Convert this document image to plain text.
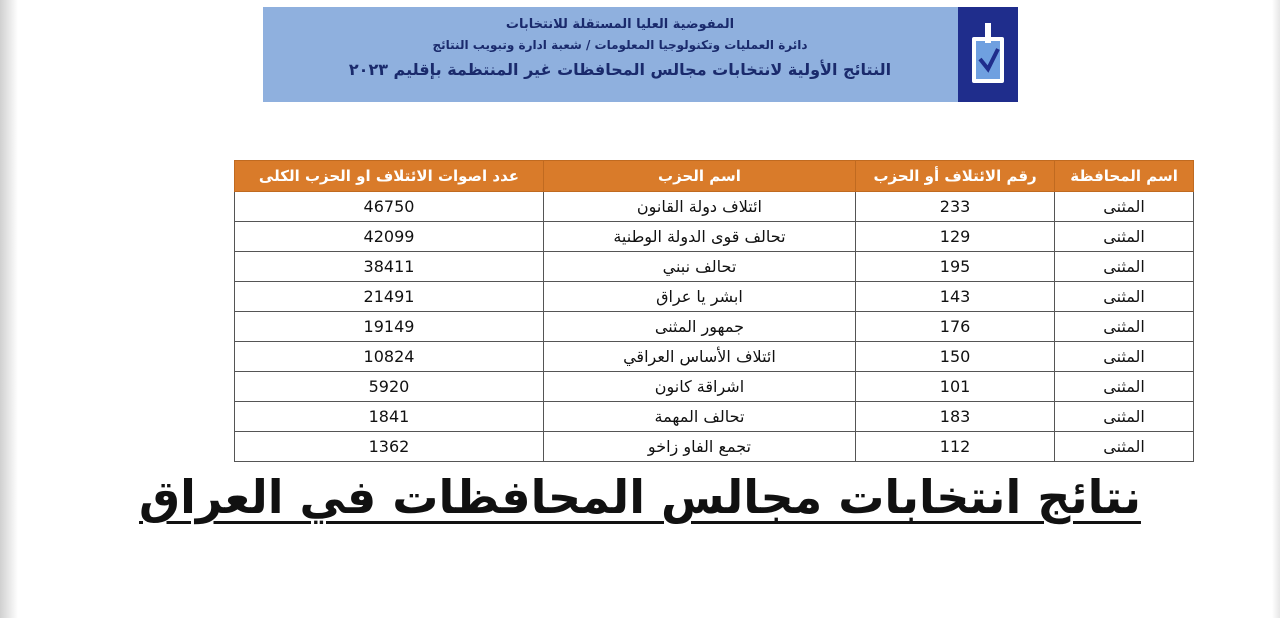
المفوضية العليا المستقلة للانتخابات
دائرة العمليات وتكنولوجيا المعلومات / شعبة ادارة وتبويب النتائج
النتائج الأولية لانتخابات مجالس المحافظات غير المنتظمة بإقليم ٢٠٢٣
اسم المحافظة	رقم الائتلاف أو الحزب	اسم الحزب	عدد اصوات الائتلاف او الحزب الكلى
المثنى	233	ائتلاف دولة القانون	46750
المثنى	129	تحالف قوى الدولة الوطنية	42099
المثنى	195	تحالف نبني	38411
المثنى	143	ابشر يا عراق	21491
المثنى	176	جمهور المثنى	19149
المثنى	150	ائتلاف الأساس العراقي	10824
المثنى	101	اشراقة كانون	5920
المثنى	183	تحالف المهمة	1841
المثنى	112	تجمع الفاو زاخو	1362
نتائج انتخابات مجالس المحافظات في العراق
